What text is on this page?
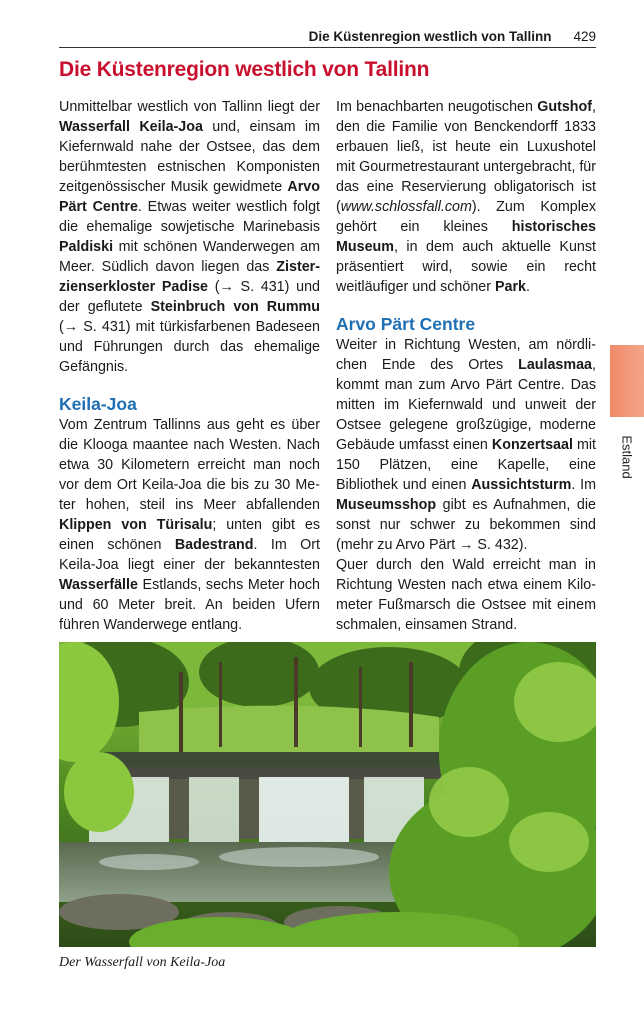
Die Küstenregion westlich von Tallinn 429
Die Küstenregion westlich von Tallinn

Unmittelbar westlich von Tallinn liegt der Wasserfall Keila-Joa und, einsam im Kiefernwald nahe der Ostsee, das dem berühmtesten estnischen Komponisten zeitgenössischer Musik gewidmete Arvo Pärt Centre. Etwas weiter westlich folgt die ehemalige sowjetische Marinebasis Paldiski mit schönen Wanderwegen am Meer. Südlich davon liegen das Zisterzienserkloster Padise (→ S. 431) und der geflutete Steinbruch von Rummu (→ S. 431) mit türkisfarbenen Badeseen und Führungen durch das ehemalige Gefängnis.

Keila-Joa

Vom Zentrum Tallinns aus geht es über die Klooga maantee nach Westen. Nach etwa 30 Kilometern erreicht man noch vor dem Ort Keila-Joa die bis zu 30 Meter hohen, steil ins Meer abfallenden Klippen von Türisalu; unten gibt es einen schönen Badestrand. Im Ort Keila-Joa liegt einer der bekanntesten Wasserfälle Estlands, sechs Meter hoch und 60 Meter breit. An beiden Ufern führen Wanderwege entlang.

Im benachbarten neugotischen Gutshof, den die Familie von Benckendorff 1833 erbauen ließ, ist heute ein Luxushotel mit Gourmetrestaurant untergebracht, für das eine Reservierung obligatorisch ist (www.schlossfall.com). Zum Komplex gehört ein kleines historisches Museum, in dem auch aktuelle Kunst präsentiert wird, sowie ein recht weitläufiger und schöner Park.

Arvo Pärt Centre

Weiter in Richtung Westen, am nördlichen Ende des Ortes Laulasmaa, kommt man zum Arvo Pärt Centre. Das mitten im Kiefernwald und unweit der Ostsee gelegene großzügige, moderne Gebäude umfasst einen Konzertsaal mit 150 Plätzen, eine Kapelle, eine Bibliothek und einen Aussichtsturm. Im Museumsshop gibt es Aufnahmen, die sonst nur schwer zu bekommen sind (mehr zu Arvo Pärt → S. 432).

Quer durch den Wald erreicht man in Richtung Westen nach etwa einem Kilometer Fußmarsch die Ostsee mit einem schmalen, einsamen Strand.

Estland
Der Wasserfall von Keila-Joa
